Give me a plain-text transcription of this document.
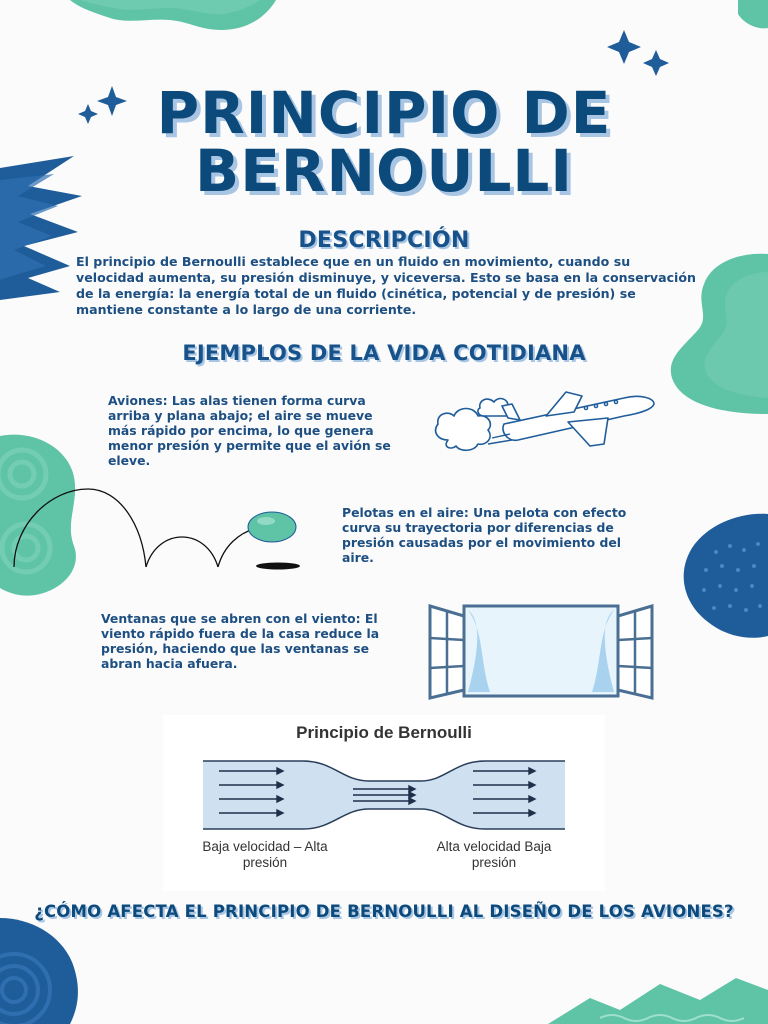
PRINCIPIO DE
BERNOULLI
DESCRIPCIÓN
El principio de Bernoulli establece que en un fluido en movimiento, cuando su velocidad aumenta, su presión disminuye, y viceversa. Esto se basa en la conservación de la energía: la energía total de un fluido (cinética, potencial y de presión) se mantiene constante a lo largo de una corriente.
EJEMPLOS DE LA VIDA COTIDIANA
Aviones: Las alas tienen forma curva arriba y plana abajo; el aire se mueve más rápido por encima, lo que genera menor presión y permite que el avión se eleve.
Pelotas en el aire: Una pelota con efecto curva su trayectoria por diferencias de presión causadas por el movimiento del aire.
Ventanas que se abren con el viento: El viento rápido fuera de la casa reduce la presión, haciendo que las ventanas se abran hacia afuera.
Principio de Bernoulli
Baja velocidad – Alta presión
Alta velocidad Baja presión
¿CÓMO AFECTA EL PRINCIPIO DE BERNOULLI AL DISEÑO DE LOS AVIONES?
